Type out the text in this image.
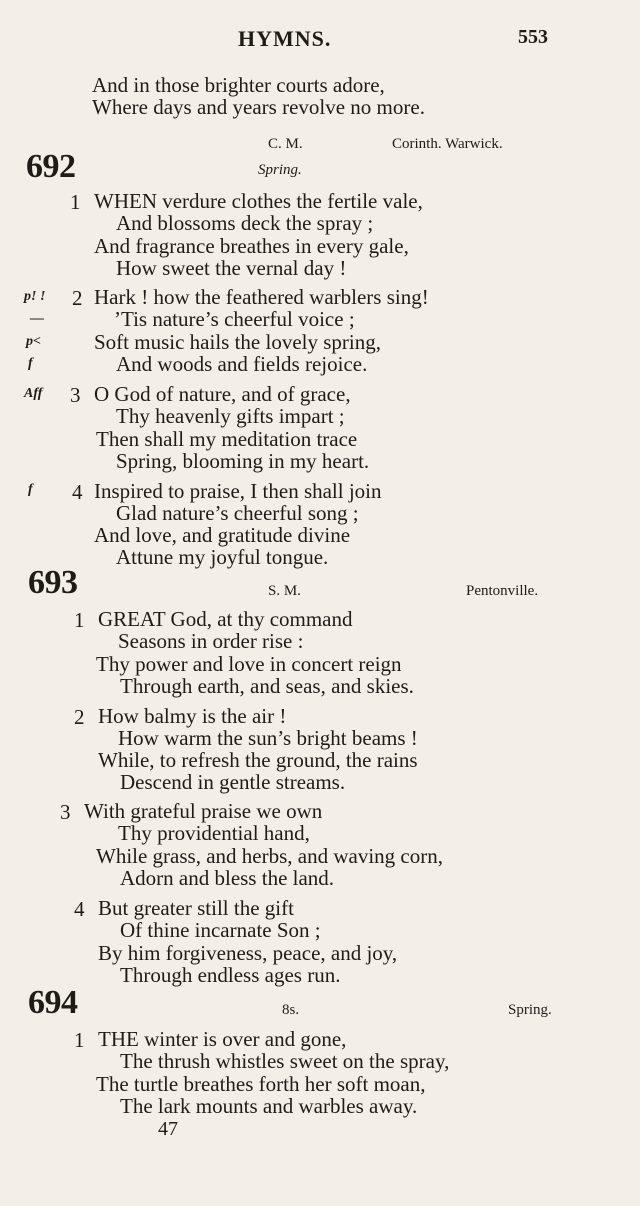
HYMNS.	553
And in those brighter courts adore,
Where days and years revolve no more.
C. M.	Corinth. Warwick.
692	Spring.
1 WHEN verdure clothes the fertile vale,
And blossoms deck the spray ;
And fragrance breathes in every gale,
How sweet the vernal day !
p! !
—
p<
f
2 Hark ! how the feathered warblers sing!
’Tis nature’s cheerful voice ;
Soft music hails the lovely spring,
And woods and fields rejoice.
Aff 3 O God of nature, and of grace,
Thy heavenly gifts impart ;
Then shall my meditation trace
Spring, blooming in my heart.
f 4 Inspired to praise, I then shall join
Glad nature’s cheerful song ;
And love, and gratitude divine
Attune my joyful tongue.
693	S. M.	Pentonville.
1 GREAT God, at thy command
Seasons in order rise :
Thy power and love in concert reign
Through earth, and seas, and skies.
2 How balmy is the air !
How warm the sun’s bright beams !
While, to refresh the ground, the rains
Descend in gentle streams.
3 With grateful praise we own
Thy providential hand,
While grass, and herbs, and waving corn,
Adorn and bless the land.
4 But greater still the gift
Of thine incarnate Son ;
By him forgiveness, peace, and joy,
Through endless ages run.
694	8s.	Spring.
1 THE winter is over and gone,
The thrush whistles sweet on the spray,
The turtle breathes forth her soft moan,
The lark mounts and warbles away.
47
